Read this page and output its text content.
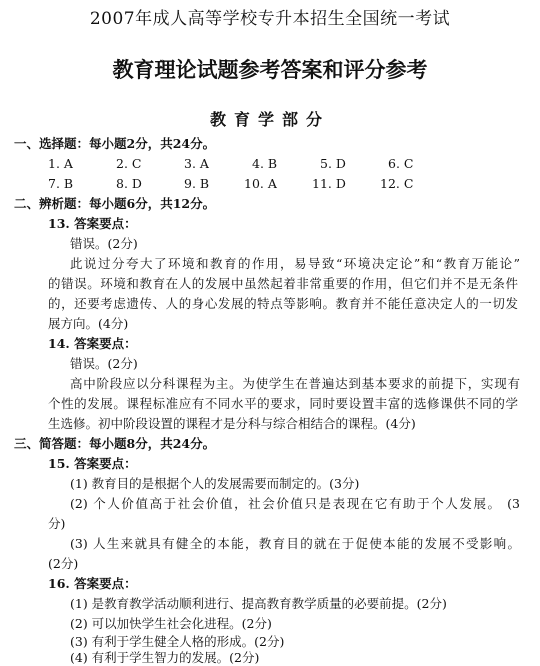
2007年成人高等学校专升本招生全国统一考试
教育理论试题参考答案和评分参考
教育学部分
一、选择题：每小题2分，共24分。
1. A	2. C	3. A	4. B	5. D	6. C
7. B	8. D	9. B	10. A	11. D	12. C
二、辨析题：每小题6分，共12分。
13. 答案要点：
错误。(2分)
此说过分夸大了环境和教育的作用，易导致“环境决定论”和“教育万能论”
的错误。环境和教育在人的发展中虽然起着非常重要的作用，但它们并不是无条件
的，还要考虑遗传、人的身心发展的特点等影响。教育并不能任意决定人的一切发
展方向。(4分)
14. 答案要点：
错误。(2分)
高中阶段应以分科课程为主。为使学生在普遍达到基本要求的前提下，实现有
个性的发展。课程标准应有不同水平的要求，同时要设置丰富的选修课供不同的学
生选修。初中阶段设置的课程才是分科与综合相结合的课程。(4分)
三、简答题：每小题8分，共24分。
15. 答案要点：
(1) 教育目的是根据个人的发展需要而制定的。(3分)
(2) 个人价值高于社会价值，社会价值只是表现在它有助于个人发展。 (3
分)
(3) 人生来就具有健全的本能，教育目的就在于促使本能的发展不受影响。
(2分)
16. 答案要点：
(1) 是教育教学活动顺利进行、提高教育教学质量的必要前提。(2分)
(2) 可以加快学生社会化进程。(2分)
(3) 有利于学生健全人格的形成。(2分)
(4) 有利于学生智力的发展。(2分)
